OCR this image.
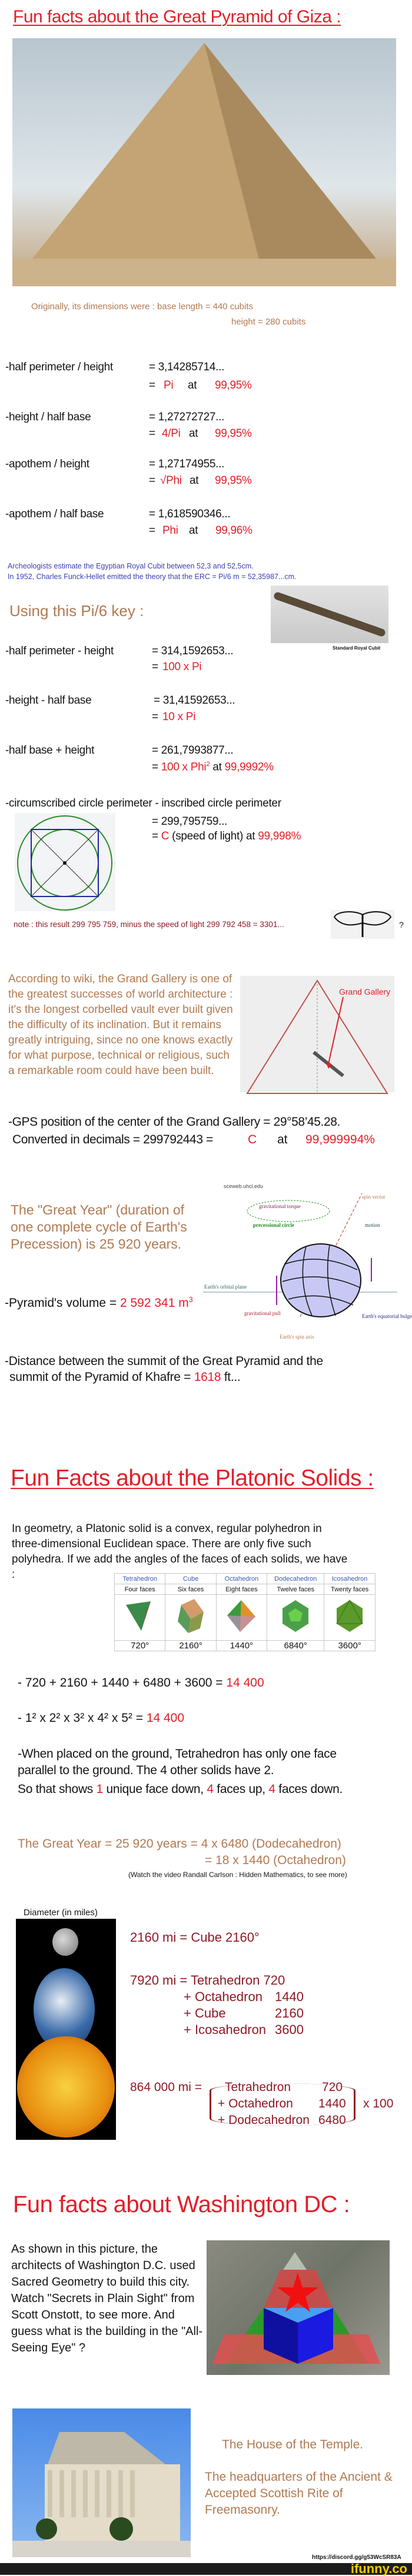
Fun facts about the Great Pyramid of Giza :
Originally, its dimensions were : base length = 440 cubits
height = 280 cubits
-half perimeter / height	= 3,14285714...
= Pi at 99,95%
-height / half base	= 1,27272727...
= 4/Pi at 99,95%
-apothem / height	= 1,27174955...
= √Phi at 99,95%
-apothem / half base	= 1,618590346...
= Phi at 99,96%
Archeologists estimate the Egyptian Royal Cubit between 52,3 and 52,5cm.
In 1952, Charles Funck-Hellet emitted the theory that the ERC = Pi/6 m = 52,35987...cm.
Standard Royal Cubit
Using this Pi/6 key :
-half perimeter - height	= 314,1592653...
= 100 x Pi
-height - half base	= 31,41592653...
= 10 x Pi
-half base + height	= 261,7993877...
= 100 x Phi$^2$ at 99,9992%
-circumscribed circle perimeter - inscribed circle perimeter
= 299,795759...
= C (speed of light) at 99,998%
note : this result 299 795 759, minus the speed of light 299 792 458 = 3301...	?
According to wiki, the Grand Gallery is one of the greatest successes of world architecture : it's the longest corbelled vault ever built given the difficulty of its inclination. But it remains greatly intriguing, since no one knows exactly for what purpose, technical or religious, such a remarkable room could have been built.
Grand Gallery
-GPS position of the center of the Grand Gallery = 29°58’45.28.
Converted in decimals = 299792443 =	C at 99,999994%
sceweb.uhcl.edu
spin vector
gravitational torque
precessional circle	motion
Earth's orbital plane
gravitational pull	Earth's equatorial bulge
Earth's spin axis
The "Great Year" (duration of one complete cycle of Earth's Precession) is 25 920 years.
-Pyramid's volume = 2 592 341 $m^3$
-Distance between the summit of the Great Pyramid and the
summit of the Pyramid of Khafre = 1618 ft...
Fun Facts about the Platonic Solids :
In geometry, a Platonic solid is a convex, regular polyhedron in three-dimensional Euclidean space. There are only five such polyhedra. If we add the angles of the faces of each solids, we have :	Tetrahedron	Cube	Octahedron	Dodecahedron	Icosahedron
Four faces	Six faces	Eight faces	Twelve faces	Twenty faces

720°	2160°	1440°	6840°	3600°
- 720 + 2160 + 1440 + 6480 + 3600 = 14 400
- 1² x 2² x 3² x 4² x 5² = 14 400
-When placed on the ground, Tetrahedron has only one face
parallel to the ground. The 4 other solids have 2.
So that shows 1 unique face down, 4 faces up, 4 faces down.
The Great Year = 25 920 years = 4 x 6480 (Dodecahedron)
= 18 x 1440 (Octahedron)
(Watch the video Randall Carlson : Hidden Mathematics, to see more)
Diameter (in miles)
2160 mi = Cube 2160°
7920 mi = Tetrahedron 720
+ Octahedron 1440
+ Cube	2160
+ Icosahedron 3600
864 000 mi = Tetrahedron	720
+ Octahedron 1440
+ Dodecahedron 6480
x 100
Fun facts about Washington DC :
As shown in this picture, the architects of Washington D.C. used Sacred Geometry to build this city. Watch "Secrets in Plain Sight" from Scott Onstott, to see more. And guess what is the building in the "All-Seeing Eye" ?
The House of the Temple.
The headquarters of the Ancient & Accepted Scottish Rite of Freemasonry.
https://discord.gg/g53WcSR83A
ifunny.co
